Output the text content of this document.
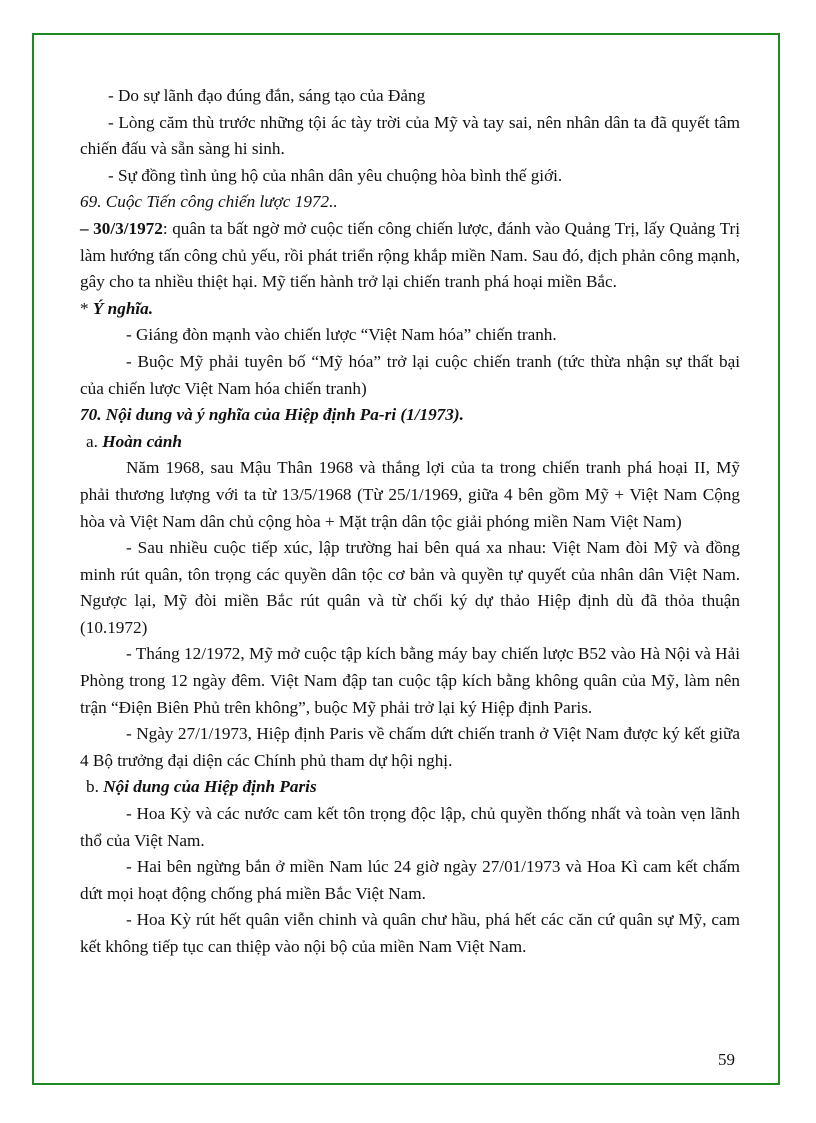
- Do sự lãnh đạo đúng đắn, sáng tạo của Đảng

- Lòng căm thù trước những tội ác tày trời của Mỹ và tay sai, nên nhân dân ta đã quyết tâm chiến đấu và sẵn sàng hi sinh.

- Sự đồng tình ủng hộ của nhân dân yêu chuộng hòa bình thế giới.

69. Cuộc Tiến công chiến lược 1972..

– 30/3/1972: quân ta bất ngờ mở cuộc tiến công chiến lược, đánh vào Quảng Trị, lấy Quảng Trị làm hướng tấn công chủ yếu, rồi phát triển rộng khắp miền Nam. Sau đó, địch phản công mạnh, gây cho ta nhiều thiệt hại. Mỹ tiến hành trở lại chiến tranh phá hoại miền Bắc.

* Ý nghĩa.

- Giáng đòn mạnh vào chiến lược “Việt Nam hóa” chiến tranh.

- Buộc Mỹ phải tuyên bố “Mỹ hóa” trở lại cuộc chiến tranh (tức thừa nhận sự thất bại của chiến lược Việt Nam hóa chiến tranh)

70. Nội dung và ý nghĩa của Hiệp định Pa-ri (1/1973).

a. Hoàn cảnh

Năm 1968, sau Mậu Thân 1968 và thắng lợi của ta trong chiến tranh phá hoại II, Mỹ phải thương lượng với ta từ 13/5/1968 (Từ 25/1/1969, giữa 4 bên gồm Mỹ + Việt Nam Cộng hòa và Việt Nam dân chủ cộng hòa + Mặt trận dân tộc giải phóng miền Nam Việt Nam)

- Sau nhiều cuộc tiếp xúc, lập trường hai bên quá xa nhau: Việt Nam đòi Mỹ và đồng minh rút quân, tôn trọng các quyền dân tộc cơ bản và quyền tự quyết của nhân dân Việt Nam. Ngược lại, Mỹ đòi miền Bắc rút quân và từ chối ký dự thảo Hiệp định dù đã thỏa thuận (10.1972)

- Tháng 12/1972, Mỹ mở cuộc tập kích bằng máy bay chiến lược B52 vào Hà Nội và Hải Phòng trong 12 ngày đêm. Việt Nam đập tan cuộc tập kích bằng không quân của Mỹ, làm nên trận “Điện Biên Phủ trên không”, buộc Mỹ phải trở lại ký Hiệp định Paris.

- Ngày 27/1/1973, Hiệp định Paris về chấm dứt chiến tranh ở Việt Nam được ký kết giữa 4 Bộ trưởng đại diện các Chính phủ tham dự hội nghị.

b. Nội dung của Hiệp định Paris

- Hoa Kỳ và các nước cam kết tôn trọng độc lập, chủ quyền thống nhất và toàn vẹn lãnh thổ của Việt Nam.

- Hai bên ngừng bắn ở miền Nam lúc 24 giờ ngày 27/01/1973 và Hoa Kì cam kết chấm dứt mọi hoạt động chống phá miền Bắc Việt Nam.

- Hoa Kỳ rút hết quân viễn chinh và quân chư hầu, phá hết các căn cứ quân sự Mỹ, cam kết không tiếp tục can thiệp vào nội bộ của miền Nam Việt Nam.

59
